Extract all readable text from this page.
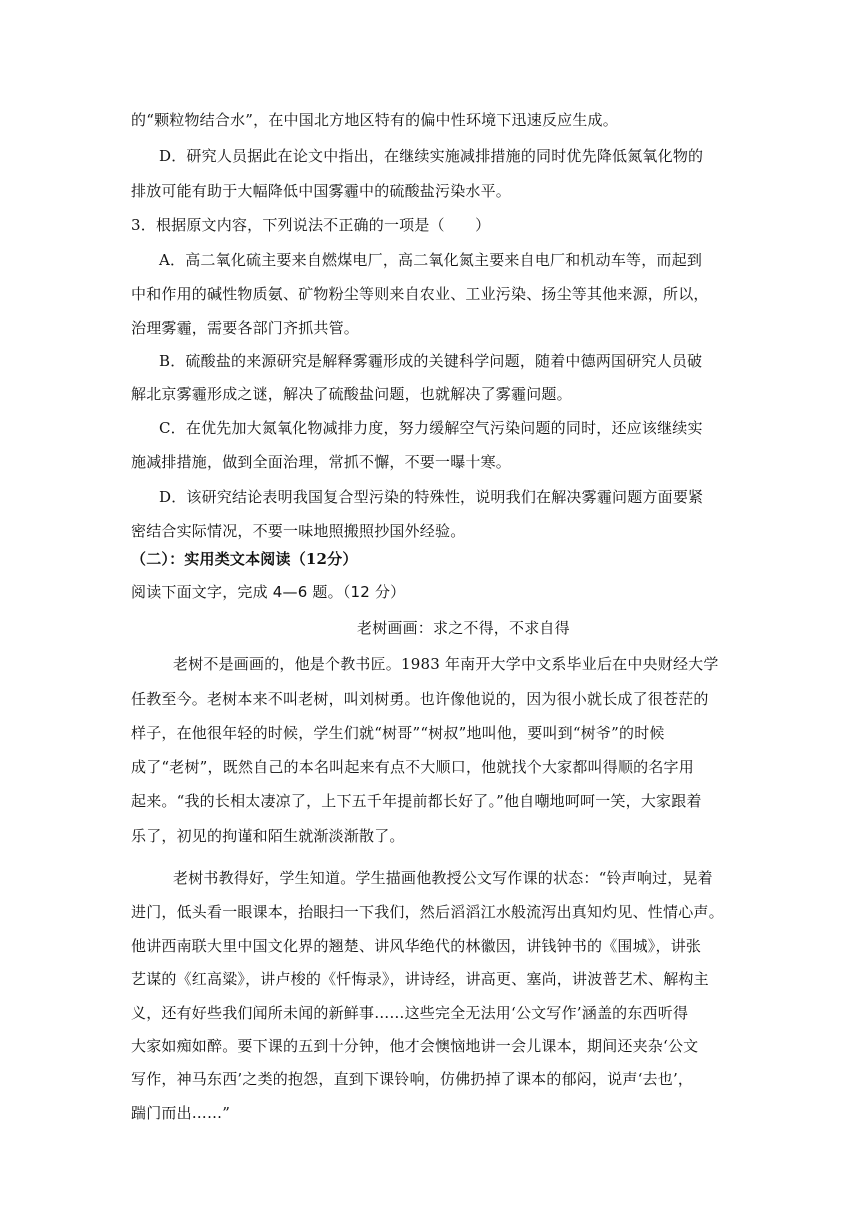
的“颗粒物结合水”，在中国北方地区特有的偏中性环境下迅速反应生成。
D．研究人员据此在论文中指出，在继续实施减排措施的同时优先降低氮氧化物的
排放可能有助于大幅降低中国雾霾中的硫酸盐污染水平。
3．根据原文内容，下列说法不正确的一项是（　　）
A．高二氧化硫主要来自燃煤电厂，高二氧化氮主要来自电厂和机动车等，而起到
中和作用的碱性物质氨、矿物粉尘等则来自农业、工业污染、扬尘等其他来源，所以，
治理雾霾，需要各部门齐抓共管。
B．硫酸盐的来源研究是解释雾霾形成的关键科学问题，随着中德两国研究人员破
解北京雾霾形成之谜，解决了硫酸盐问题，也就解决了雾霾问题。
C．在优先加大氮氧化物减排力度，努力缓解空气污染问题的同时，还应该继续实
施减排措施，做到全面治理，常抓不懈，不要一曝十寒。
D．该研究结论表明我国复合型污染的特殊性，说明我们在解决雾霾问题方面要紧
密结合实际情况，不要一味地照搬照抄国外经验。
（二）：实用类文本阅读（12分）
阅读下面文字，完成 4—6 题。（12 分）
老树画画：求之不得，不求自得
老树不是画画的，他是个教书匠。1983 年南开大学中文系毕业后在中央财经大学
任教至今。老树本来不叫老树，叫刘树勇。也许像他说的，因为很小就长成了很苍茫的
样子，在他很年轻的时候，学生们就“树哥”“树叔”地叫他，要叫到“树爷”的时候
成了“老树”，既然自己的本名叫起来有点不大顺口，他就找个大家都叫得顺的名字用
起来。“我的长相太凄凉了，上下五千年提前都长好了。”他自嘲地呵呵一笑，大家跟着
乐了，初见的拘谨和陌生就渐淡渐散了。
老树书教得好，学生知道。学生描画他教授公文写作课的状态：“铃声响过，晃着
进门，低头看一眼课本，抬眼扫一下我们，然后滔滔江水般流泻出真知灼见、性情心声。
他讲西南联大里中国文化界的翘楚、讲风华绝代的林徽因，讲钱钟书的《围城》，讲张
艺谋的《红高粱》，讲卢梭的《忏悔录》，讲诗经，讲高更、塞尚，讲波普艺术、解构主
义，还有好些我们闻所未闻的新鲜事……这些完全无法用‘公文写作’涵盖的东西听得
大家如痴如醉。要下课的五到十分钟，他才会懊恼地讲一会儿课本，期间还夹杂‘公文
写作，神马东西’之类的抱怨，直到下课铃响，仿佛扔掉了课本的郁闷，说声‘去也’，
踹门而出……”
